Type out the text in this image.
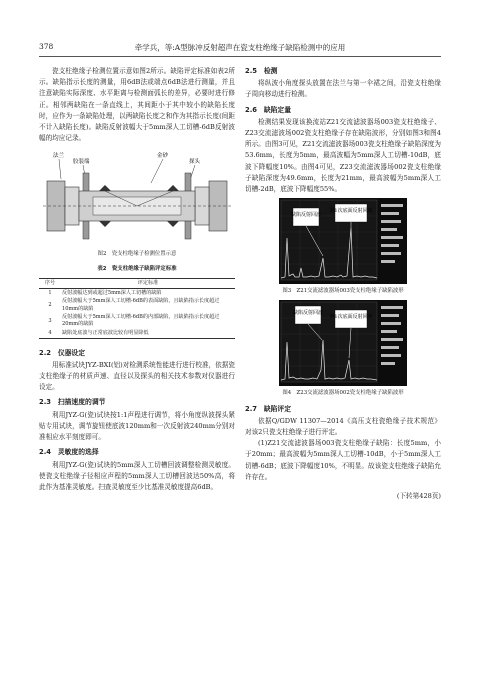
378	牵学兵，等:A型脉冲反射超声在瓷支柱绝缘子缺陷检测中的应用

瓷支柱绝缘子检测位置示意如图2所示。缺陷评定标准如表2所示。缺陷指示长度的测量，用6dB法或端点6dB法进行测量，并且注意缺陷实际深度、水平距离与检测面弧长的差异，必要时进行修正。相邻两缺陷在一条直线上，其间距小于其中较小的缺陷长度时，应作为一条缺陷处理，以两缺陷长度之和作为其指示长度(间距不计入缺陷长度)。缺陷反射波幅大于5mm深人工切槽-6dB反射波幅的均应记录。

法兰
胶装端
金砂
探头
图2　瓷支柱绝缘子检测位置示意
表2　瓷支柱绝缘子缺陷评定标准
序号	评定标准
1	反射波幅达到或超过5mm深人工切槽的缺陷
2	反射波幅大于5mm深人工切槽-6dB的表面缺陷，且缺陷指示长度超过10mm的缺陷
3	反射波幅大于5mm深人工切槽-6dB的内部缺陷，且缺陷指示长度超过20mm的缺陷
4	缺陷处底波与正常底波比较有明显降低
2.2　仪器设定

用标准试块JYZ-BXⅠ(铝)对检测系统性能进行进行校准，依据瓷支柱绝缘子的材质声速、直径以及探头的相关技术参数对仪器进行设定。

2.3　扫描速度的调节

利用JYZ-G(瓷)试块按1:1声程进行调节，将小角度纵波探头紧贴专用试块，调节旋钮使底波120mm和一次反射波240mm分别对准相应水平刻度即可。

2.4　灵敏度的选择

利用JYZ-G(瓷)试块的5mm深人工切槽回波调整检测灵敏度。使瓷支柱绝缘子径相应声程的5mm深人工切槽回波达50%高，将此作为基准灵敏度。扫查灵敏度至少比基准灵敏度提高6dB。

2.5　检测

将纵波小角度探头放置在法兰与第一伞裙之间，沿瓷支柱绝缘子周向移动进行检测。

2.6　缺陷定量

检测结果发现该换流站Z21交流滤波器场003瓷支柱绝缘子、Z23交流滤波场002瓷支柱绝缘子存在缺陷波形，分别如图3和图4所示。由图3可见，Z21交流滤波器场003瓷支柱绝缘子缺陷深度为53.6mm，长度为5mm，最高波幅为5mm深人工切槽-10dB，底波下降幅度10%。由图4可见，Z23交流滤波器场002瓷支柱绝缘子缺陷深度为49.6mm，长度为21mm，最高波幅为5mm深人工切槽-2dB，底波下降幅度55%。

缺陷反射回波
第1次底面反射回波
图3　Z21交流滤波器场003瓷支柱绝缘子缺陷波形
缺陷反射回波
第1次底面反射回波
图4　Z23交流滤波器场002瓷支柱绝缘子缺陷波形
2.7　缺陷评定

依据Q/GDW 11307—2014《高压支柱瓷绝缘子技术规范》对该2只瓷支柱绝缘子进行评定。

(1)Z21交流滤波器场003瓷支柱绝缘子缺陷：长度5mm，小于20mm；最高波幅为5mm深人工切槽-10dB，小于5mm深人工切槽-6dB；底波下降幅度10%，不明显。故该瓷支柱绝缘子缺陷允许存在。

(下转第428页)
